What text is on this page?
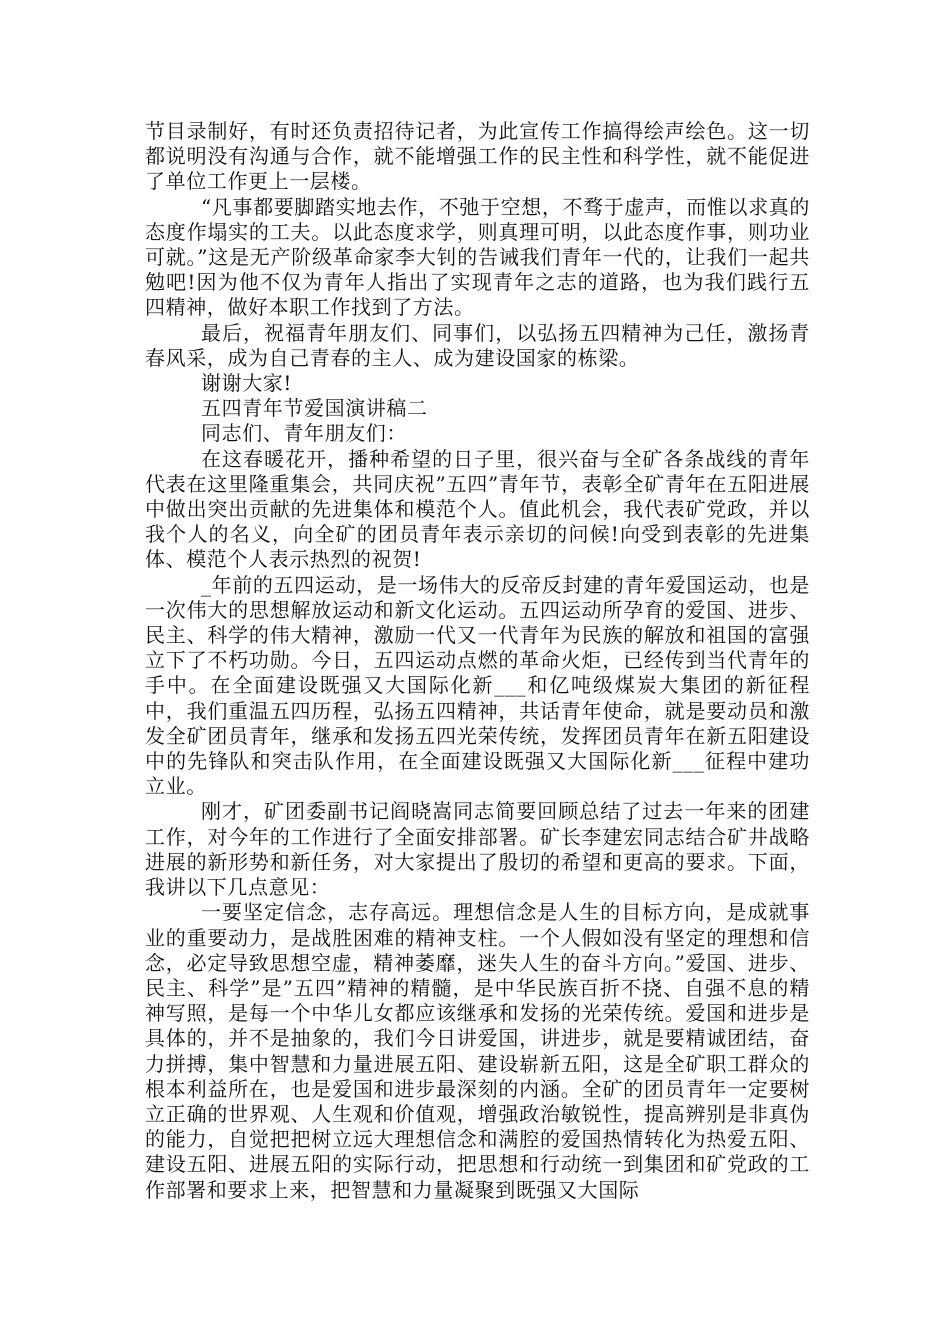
节目录制好，有时还负责招待记者，为此宣传工作搞得绘声绘色。这一切都说明没有沟通与合作，就不能增强工作的民主性和科学性，就不能促进了单位工作更上一层楼。

“凡事都要脚踏实地去作，不弛于空想，不骛于虚声，而惟以求真的态度作塌实的工夫。以此态度求学，则真理可明，以此态度作事，则功业可就。”这是无产阶级革命家李大钊的告诫我们青年一代的，让我们一起共勉吧!因为他不仅为青年人指出了实现青年之志的道路，也为我们践行五四精神，做好本职工作找到了方法。

最后，祝福青年朋友们、同事们，以弘扬五四精神为己任，激扬青春风采，成为自己青春的主人、成为建设国家的栋梁。

谢谢大家!

五四青年节爱国演讲稿二

同志们、青年朋友们：

在这春暖花开，播种希望的日子里，很兴奋与全矿各条战线的青年代表在这里隆重集会，共同庆祝”五四”青年节，表彰全矿青年在五阳进展中做出突出贡献的先进集体和模范个人。值此机会，我代表矿党政，并以我个人的名义，向全矿的团员青年表示亲切的问候!向受到表彰的先进集体、模范个人表示热烈的祝贺!

_年前的五四运动，是一场伟大的反帝反封建的青年爱国运动，也是一次伟大的思想解放运动和新文化运动。五四运动所孕育的爱国、进步、民主、科学的伟大精神，激励一代又一代青年为民族的解放和祖国的富强立下了不朽功勋。今日，五四运动点燃的革命火炬，已经传到当代青年的手中。在全面建设既强又大国际化新___和亿吨级煤炭大集团的新征程中，我们重温五四历程，弘扬五四精神，共话青年使命，就是要动员和激发全矿团员青年，继承和发扬五四光荣传统，发挥团员青年在新五阳建设中的先锋队和突击队作用，在全面建设既强又大国际化新___征程中建功立业。

刚才，矿团委副书记阎晓嵩同志简要回顾总结了过去一年来的团建工作，对今年的工作进行了全面安排部署。矿长李建宏同志结合矿井战略进展的新形势和新任务，对大家提出了殷切的希望和更高的要求。下面，我讲以下几点意见：

一要坚定信念，志存高远。理想信念是人生的目标方向，是成就事业的重要动力，是战胜困难的精神支柱。一个人假如没有坚定的理想和信念，必定导致思想空虚，精神萎靡，迷失人生的奋斗方向。”爱国、进步、民主、科学”是”五四”精神的精髓，是中华民族百折不挠、自强不息的精神写照，是每一个中华儿女都应该继承和发扬的光荣传统。爱国和进步是具体的，并不是抽象的，我们今日讲爱国，讲进步，就是要精诚团结，奋力拼搏，集中智慧和力量进展五阳、建设崭新五阳，这是全矿职工群众的根本利益所在，也是爱国和进步最深刻的内涵。全矿的团员青年一定要树立正确的世界观、人生观和价值观，增强政治敏锐性，提高辨别是非真伪的能力，自觉把把树立远大理想信念和满腔的爱国热情转化为热爱五阳、建设五阳、进展五阳的实际行动，把思想和行动统一到集团和矿党政的工作部署和要求上来，把智慧和力量凝聚到既强又大国际
